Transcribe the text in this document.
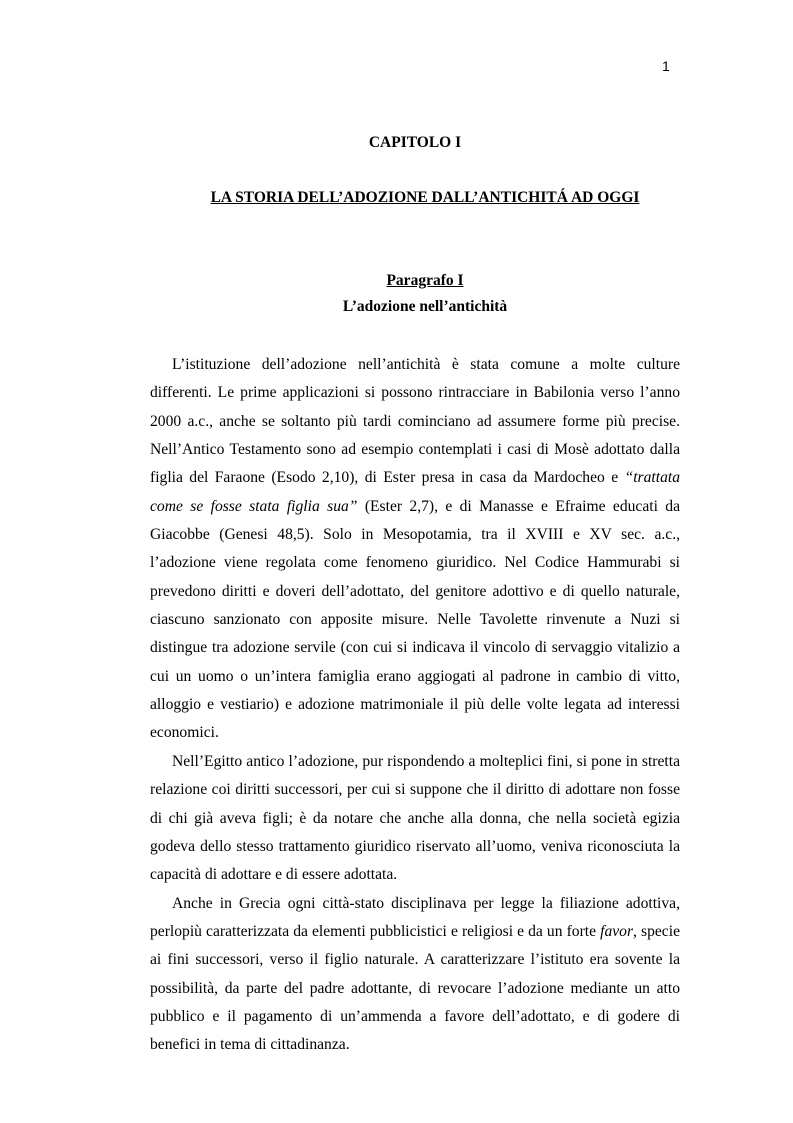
1
CAPITOLO I
LA STORIA DELL’ADOZIONE DALL’ANTICHITÁ AD OGGI
Paragrafo I
L’adozione nell’antichità

L’istituzione dell’adozione nell’antichità è stata comune a molte culture differenti. Le prime applicazioni si possono rintracciare in Babilonia verso l’anno 2000 a.c., anche se soltanto più tardi cominciano ad assumere forme più precise. Nell’Antico Testamento sono ad esempio contemplati i casi di Mosè adottato dalla figlia del Faraone (Esodo 2,10), di Ester presa in casa da Mardocheo e “trattata come se fosse stata figlia sua” (Ester 2,7), e di Manasse e Efraime educati da Giacobbe (Genesi 48,5). Solo in Mesopotamia, tra il XVIII e XV sec. a.c., l’adozione viene regolata come fenomeno giuridico. Nel Codice Hammurabi si prevedono diritti e doveri dell’adottato, del genitore adottivo e di quello naturale, ciascuno sanzionato con apposite misure. Nelle Tavolette rinvenute a Nuzi si distingue tra adozione servile (con cui si indicava il vincolo di servaggio vitalizio a cui un uomo o un’intera famiglia erano aggiogati al padrone in cambio di vitto, alloggio e vestiario) e adozione matrimoniale il più delle volte legata ad interessi economici.

Nell’Egitto antico l’adozione, pur rispondendo a molteplici fini, si pone in stretta relazione coi diritti successori, per cui si suppone che il diritto di adottare non fosse di chi già aveva figli; è da notare che anche alla donna, che nella società egizia godeva dello stesso trattamento giuridico riservato all’uomo, veniva riconosciuta la capacità di adottare e di essere adottata.

Anche in Grecia ogni città-stato disciplinava per legge la filiazione adottiva, perlopiù caratterizzata da elementi pubblicistici e religiosi e da un forte favor, specie ai fini successori, verso il figlio naturale. A caratterizzare l’istituto era sovente la possibilità, da parte del padre adottante, di revocare l’adozione mediante un atto pubblico e il pagamento di un’ammenda a favore dell’adottato, e di godere di benefici in tema di cittadinanza.
